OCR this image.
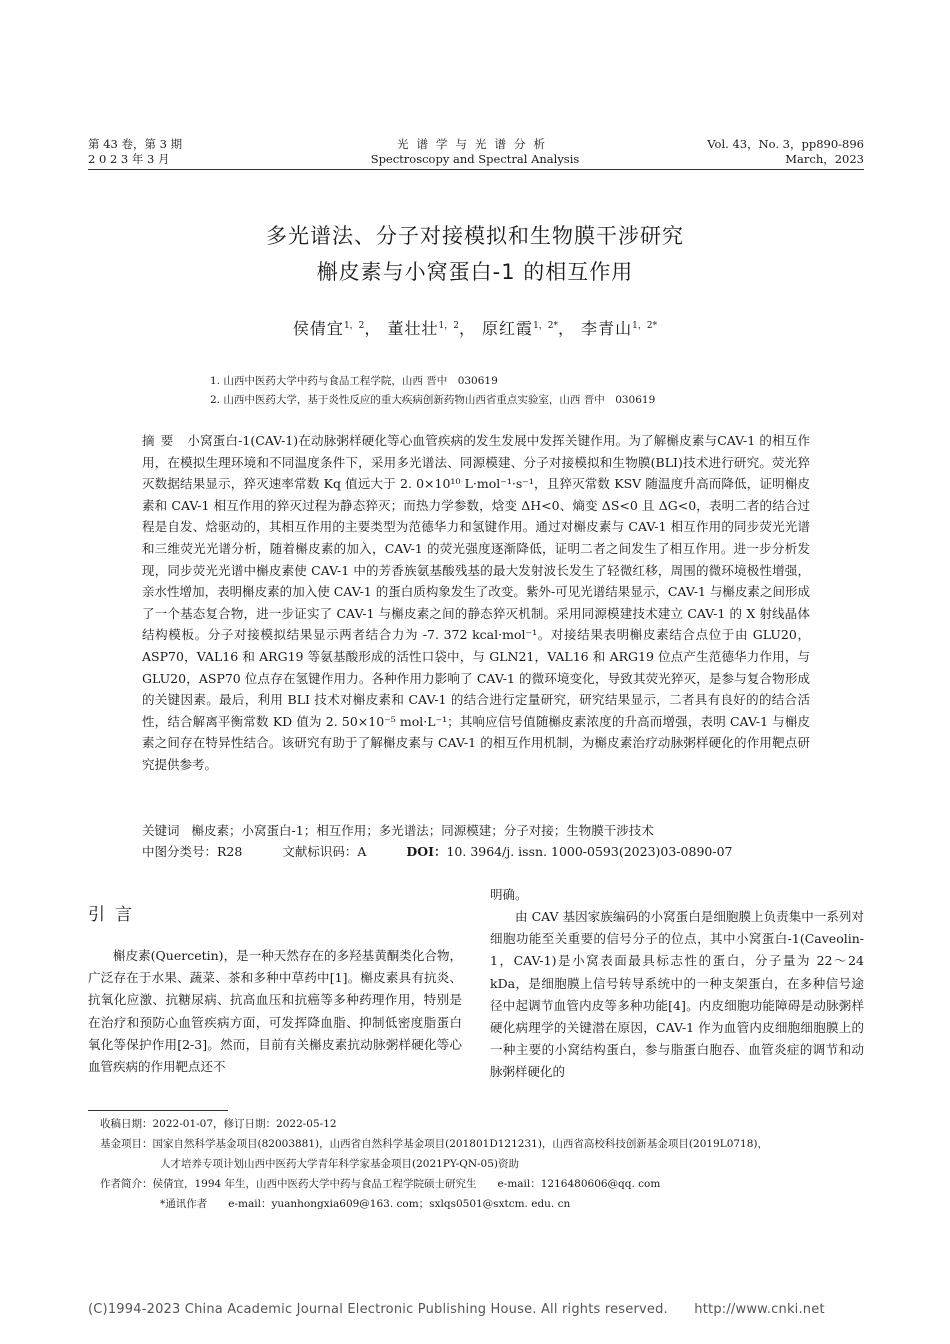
第 43 卷，第 3 期
2 0 2 3 年 3 月
光谱学与光谱分析
Spectroscopy and Spectral Analysis
Vol. 43，No. 3，pp890-896
March，2023
多光谱法、分子对接模拟和生物膜干涉研究
槲皮素与小窝蛋白-1 的相互作用
侯倩宜$^{1,2}$， 董壮壮$^{1,2}$， 原红霞$^{1,2*}$， 李青山$^{1,2*}$
1. 山西中医药大学中药与食品工程学院，山西 晋中　030619
2. 山西中医药大学，基于炎性反应的重大疾病创新药物山西省重点实验室，山西 晋中　030619
摘要 小窝蛋白-1(CAV-1)在动脉粥样硬化等心血管疾病的发生发展中发挥关键作用。为了解槲皮素与CAV-1 的相互作用，在模拟生理环境和不同温度条件下，采用多光谱法、同源模建、分子对接模拟和生物膜(BLI)技术进行研究。荧光猝灭数据结果显示，猝灭速率常数 Kq 值远大于 2. 0×10¹⁰ L·mol⁻¹·s⁻¹，且猝灭常数 KSV 随温度升高而降低，证明槲皮素和 CAV-1 相互作用的猝灭过程为静态猝灭；而热力学参数，焓变 ΔH<0、熵变 ΔS<0 且 ΔG<0，表明二者的结合过程是自发、焓驱动的，其相互作用的主要类型为范德华力和氢键作用。通过对槲皮素与 CAV-1 相互作用的同步荧光光谱和三维荧光光谱分析，随着槲皮素的加入，CAV-1 的荧光强度逐渐降低，证明二者之间发生了相互作用。进一步分析发现，同步荧光光谱中槲皮素使 CAV-1 中的芳香族氨基酸残基的最大发射波长发生了轻微红移，周围的微环境极性增强，亲水性增加，表明槲皮素的加入使 CAV-1 的蛋白质构象发生了改变。紫外-可见光谱结果显示，CAV-1 与槲皮素之间形成了一个基态复合物，进一步证实了 CAV-1 与槲皮素之间的静态猝灭机制。采用同源模建技术建立 CAV-1 的 X 射线晶体结构模板。分子对接模拟结果显示两者结合力为 -7. 372 kcal·mol⁻¹。对接结果表明槲皮素结合点位于由 GLU20，ASP70，VAL16 和 ARG19 等氨基酸形成的活性口袋中，与 GLN21，VAL16 和 ARG19 位点产生范德华力作用，与 GLU20，ASP70 位点存在氢键作用力。各种作用力影响了 CAV-1 的微环境变化，导致其荧光猝灭，是参与复合物形成的关键因素。最后，利用 BLI 技术对槲皮素和 CAV-1 的结合进行定量研究，研究结果显示，二者具有良好的的结合活性，结合解离平衡常数 KD 值为 2. 50×10⁻⁵ mol·L⁻¹；其响应信号值随槲皮素浓度的升高而增强，表明 CAV-1 与槲皮素之间存在特异性结合。该研究有助于了解槲皮素与 CAV-1 的相互作用机制，为槲皮素治疗动脉粥样硬化的作用靶点研究提供参考。
关键词 槲皮素；小窝蛋白-1；相互作用；多光谱法；同源模建；分子对接；生物膜干涉技术
中图分类号：R28	文献标识码：A	DOI：10. 3964/j. issn. 1000-0593(2023)03-0890-07
引言
槲皮素(Quercetin)，是一种天然存在的多羟基黄酮类化合物，广泛存在于水果、蔬菜、茶和多种中草药中[1]。槲皮素具有抗炎、抗氧化应激、抗糖尿病、抗高血压和抗癌等多种药理作用，特别是在治疗和预防心血管疾病方面，可发挥降血脂、抑制低密度脂蛋白氧化等保护作用[2-3]。然而，目前有关槲皮素抗动脉粥样硬化等心血管疾病的作用靶点还不
明确。
由 CAV 基因家族编码的小窝蛋白是细胞膜上负责集中一系列对细胞功能至关重要的信号分子的位点，其中小窝蛋白-1(Caveolin-1，CAV-1)是小窝表面最具标志性的蛋白，分子量为 22～24 kDa，是细胞膜上信号转导系统中的一种支架蛋白，在多种信号途径中起调节血管内皮等多种功能[4]。内皮细胞功能障碍是动脉粥样硬化病理学的关键潜在原因，CAV-1 作为血管内皮细胞细胞膜上的一种主要的小窝结构蛋白，参与脂蛋白胞吞、血管炎症的调节和动脉粥样硬化的
收稿日期：2022-01-07，修订日期：2022-05-12
基金项目：国家自然科学基金项目(82003881)，山西省自然科学基金项目(201801D121231)，山西省高校科技创新基金项目(2019L0718)，
人才培养专项计划山西中医药大学青年科学家基金项目(2021PY-QN-05)资助
作者简介：侯倩宜，1994 年生，山西中医药大学中药与食品工程学院硕士研究生　　e-mail：1216480606@qq. com
*通讯作者　　e-mail：yuanhongxia609@163. com；sxlqs0501@sxtcm. edu. cn
(C)1994-2023 China Academic Journal Electronic Publishing House. All rights reserved.　　http://www.cnki.net
